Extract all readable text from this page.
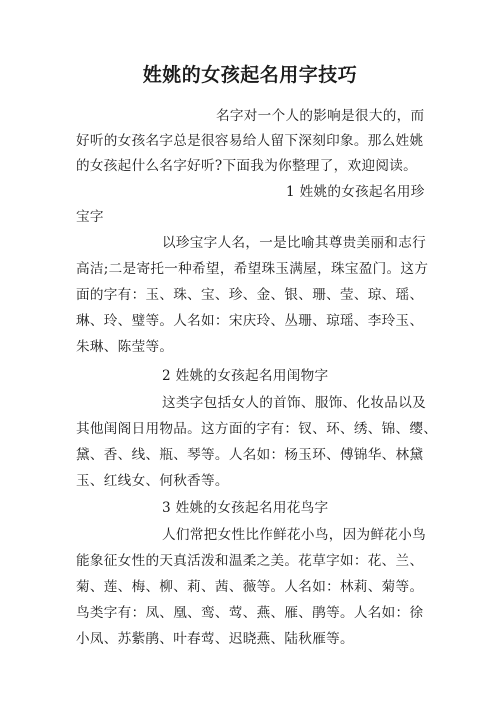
姓姚的女孩起名用字技巧
名字对一个人的影响是很大的，而
好听的女孩名字总是很容易给人留下深刻印象。那么姓姚
的女孩起什么名字好听?下面我为你整理了，欢迎阅读。
1 姓姚的女孩起名用珍
宝字
以珍宝字人名，一是比喻其尊贵美丽和志行
高洁;二是寄托一种希望，希望珠玉满屋，珠宝盈门。这方
面的字有：玉、珠、宝、珍、金、银、珊、莹、琼、瑶、
琳、玲、璧等。人名如：宋庆玲、丛珊、琼瑶、李玲玉、
朱琳、陈莹等。
2 姓姚的女孩起名用闺物字
这类字包括女人的首饰、服饰、化妆品以及
其他闺阁日用物品。这方面的字有：钗、环、绣、锦、缨、
黛、香、线、瓶、琴等。人名如：杨玉环、傅锦华、林黛
玉、红线女、何秋香等。
3 姓姚的女孩起名用花鸟字
人们常把女性比作鲜花小鸟，因为鲜花小鸟
能象征女性的天真活泼和温柔之美。花草字如：花、兰、
菊、莲、梅、柳、莉、茜、薇等。人名如：林莉、菊等。
鸟类字有：凤、凰、鸾、莺、燕、雁、鹃等。人名如：徐
小凤、苏紫鹃、叶春莺、迟晓燕、陆秋雁等。
